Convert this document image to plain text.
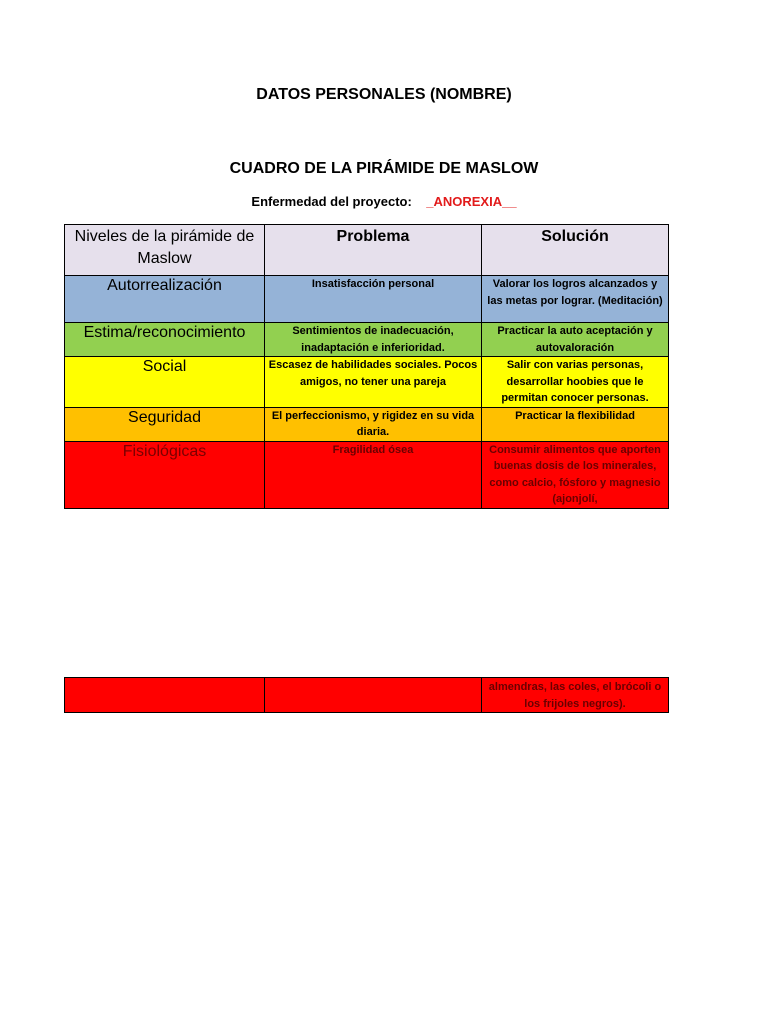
DATOS PERSONALES (NOMBRE)
CUADRO DE LA PIRÁMIDE DE MASLOW
Enfermedad del proyecto: _ANOREXIA__
Niveles de la pirámide de Maslow	Problema	Solución
Autorrealización	Insatisfacción personal	Valorar los logros alcanzados y las metas por lograr. (Meditación)
Estima/reconocimiento	Sentimientos de inadecuación, inadaptación e inferioridad.	Practicar la auto aceptación y autovaloración
Social	Escasez de habilidades sociales. Pocos amigos, no tener una pareja	Salir con varias personas, desarrollar hoobies que le permitan conocer personas.
Seguridad	El perfeccionismo, y rigidez en su vida diaria.	Practicar la flexibilidad
Fisiológicas	Fragilidad ósea	Consumir alimentos que aporten buenas dosis de los minerales, como calcio, fósforo y magnesio (ajonjolí,
		almendras, las coles, el brócoli o los frijoles negros).
